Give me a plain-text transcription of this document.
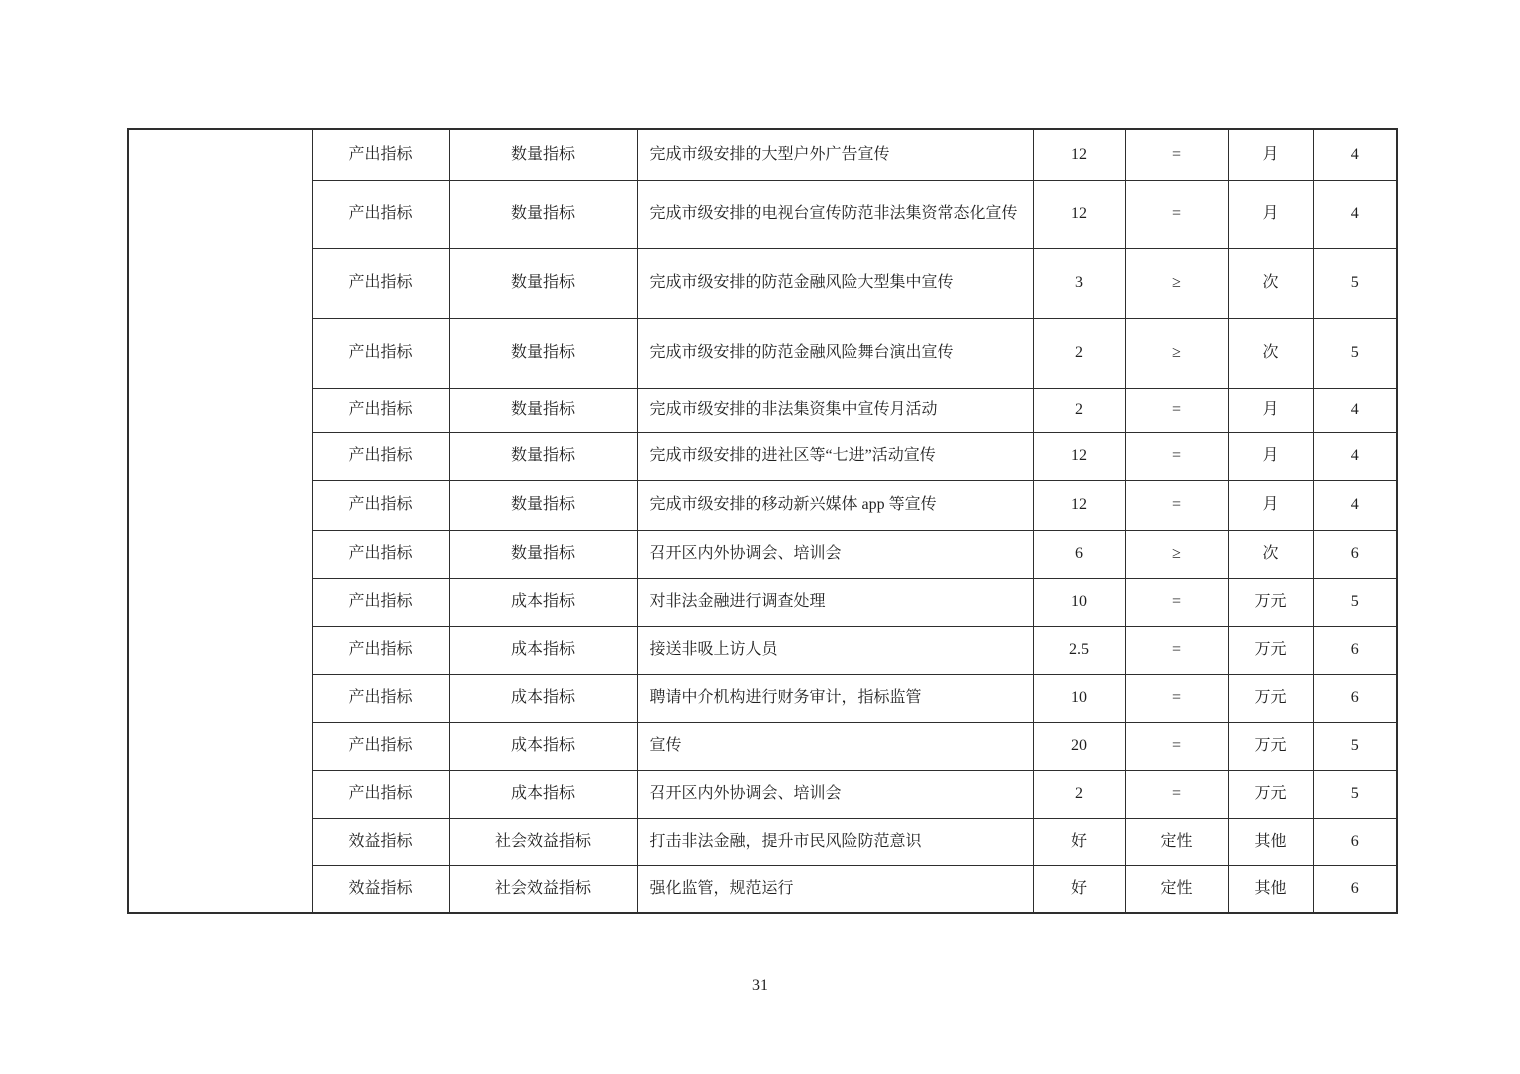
	产出指标	数量指标	完成市级安排的大型户外广告宣传	12	=	月	4
	产出指标	数量指标	完成市级安排的电视台宣传防范非法集资常态化宣传	12	=	月	4
	产出指标	数量指标	完成市级安排的防范金融风险大型集中宣传	3	≥	次	5
	产出指标	数量指标	完成市级安排的防范金融风险舞台演出宣传	2	≥	次	5
	产出指标	数量指标	完成市级安排的非法集资集中宣传月活动	2	=	月	4
	产出指标	数量指标	完成市级安排的进社区等“七进”活动宣传	12	=	月	4
	产出指标	数量指标	完成市级安排的移动新兴媒体 app 等宣传	12	=	月	4
	产出指标	数量指标	召开区内外协调会、培训会	6	≥	次	6
	产出指标	成本指标	对非法金融进行调查处理	10	=	万元	5
	产出指标	成本指标	接送非吸上访人员	2.5	=	万元	6
	产出指标	成本指标	聘请中介机构进行财务审计，指标监管	10	=	万元	6
	产出指标	成本指标	宣传	20	=	万元	5
	产出指标	成本指标	召开区内外协调会、培训会	2	=	万元	5
	效益指标	社会效益指标	打击非法金融，提升市民风险防范意识	好	定性	其他	6
	效益指标	社会效益指标	强化监管，规范运行	好	定性	其他	6
31
